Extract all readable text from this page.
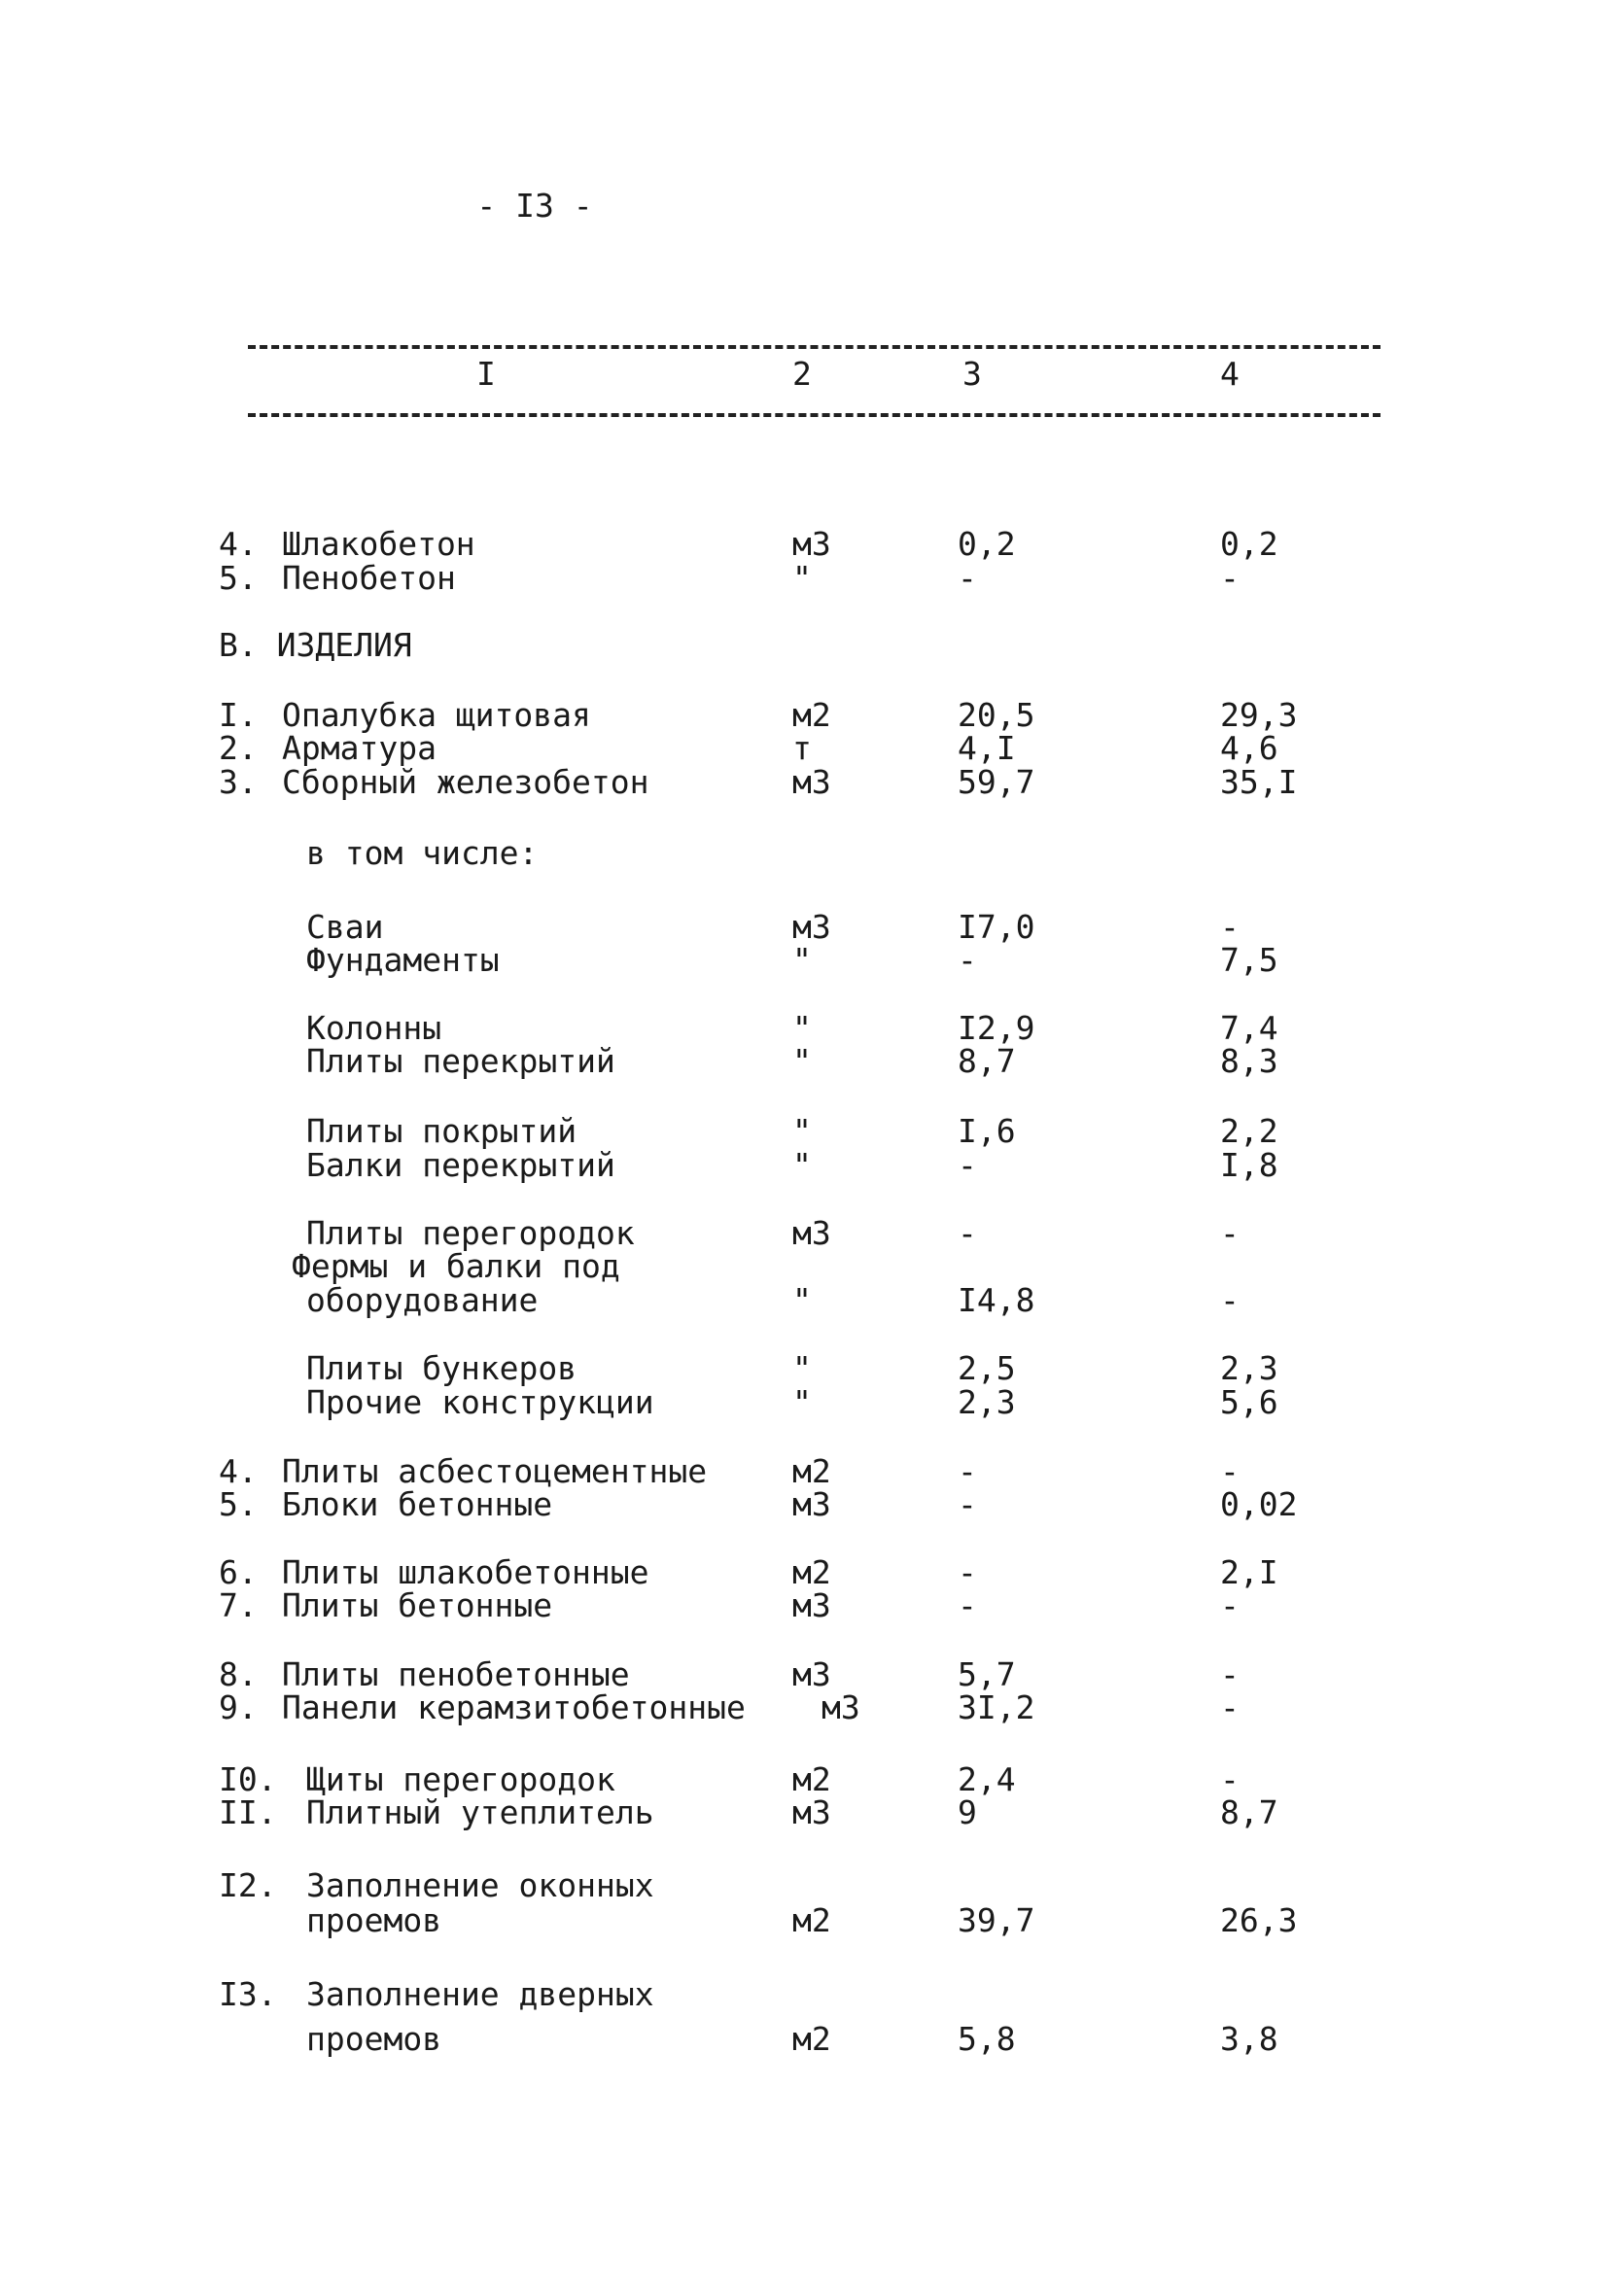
- I3 -
I	2	3	4
4. Шлакобетон	м3	0,2	0,2
5. Пенобетон	"	-	-
В. ИЗДЕЛИЯ
I. Опалубка щитовая	м2	20,5	29,3
2. Арматура	т	4,I	4,6
3. Сборный железобетон	м3	59,7	35,I
в том числе:
Сваи	м3	I7,0	-
Фундаменты	"	-	7,5
Колонны	"	I2,9	7,4
Плиты перекрытий	"	8,7	8,3
Плиты покрытий	"	I,6	2,2
Балки перекрытий	"	-	I,8
Плиты перегородок	м3	-	-
Фермы и балки под
оборудование	"	I4,8	-
Плиты бункеров	"	2,5	2,3
Прочие конструкции	"	2,3	5,6
4. Плиты асбестоцементные	м2	-	-
5. Блоки бетонные	м3	-	0,02
6. Плиты шлакобетонные	м2	-	2,I
7. Плиты бетонные	м3	-	-
8. Плиты пенобетонные	м3	5,7	-
9. Панели керамзитобетонные м3	3I,2	-
I0. Щиты перегородок	м2	2,4	-
II. Плитный утеплитель	м3	9	8,7
I2. Заполнение оконных
проемов	м2	39,7	26,3
I3. Заполнение дверных
проемов	м2	5,8	3,8
